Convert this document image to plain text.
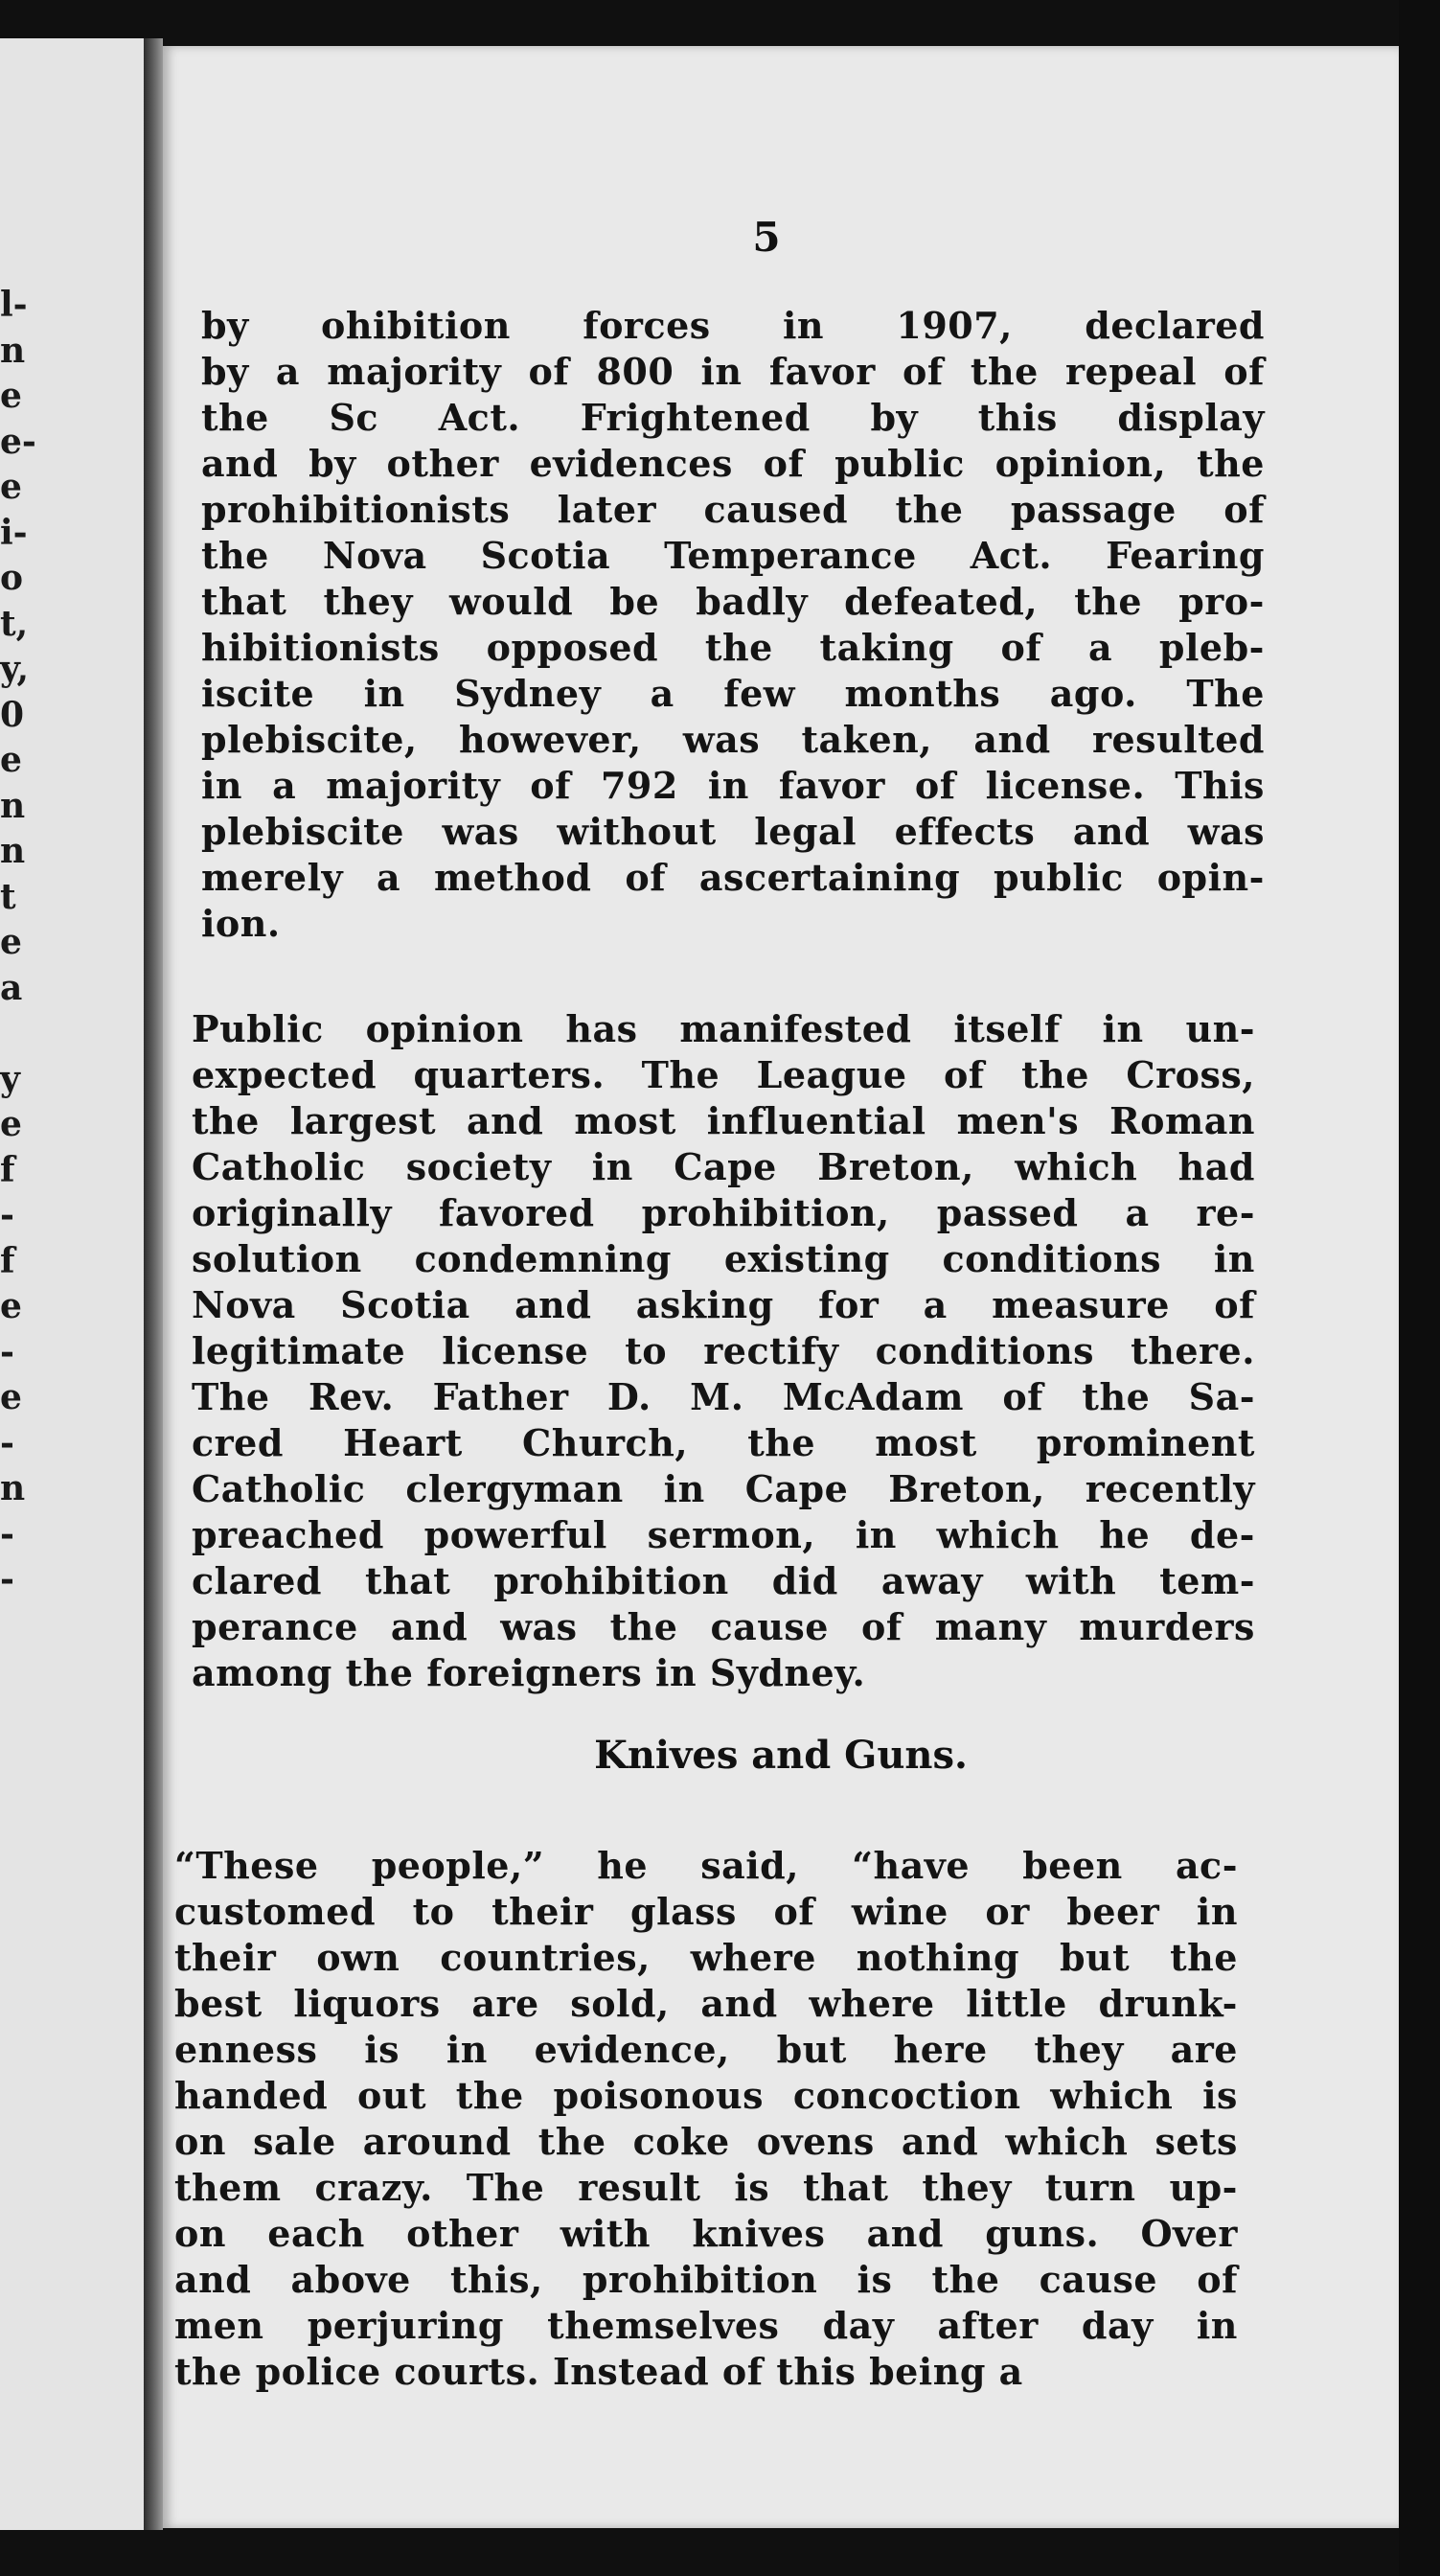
l-
n
e
e-
e
i-
o
t,
y,
0
e
n
n
t
e
a
y
e
f
-
f
e
-
e
-
n
-
-
5
by ohibition forces in 1907, declared
by a majority of 800 in favor of the repeal of
the Sc Act. Frightened by this display
and by other evidences of public opinion, the
prohibitionists later caused the passage of
the Nova Scotia Temperance Act. Fearing
that they would be badly defeated, the pro-
hibitionists opposed the taking of a pleb-
iscite in Sydney a few months ago. The
plebiscite, however, was taken, and resulted
in a majority of 792 in favor of license. This
plebiscite was without legal effects and was
merely a method of ascertaining public opin-
ion.
Public opinion has manifested itself in un-
expected quarters. The League of the Cross,
the largest and most influential men's Roman
Catholic society in Cape Breton, which had
originally favored prohibition, passed a re-
solution condemning existing conditions in
Nova Scotia and asking for a measure of
legitimate license to rectify conditions there.
The Rev. Father D. M. McAdam of the Sa-
cred Heart Church, the most prominent
Catholic clergyman in Cape Breton, recently
preached powerful sermon, in which he de-
clared that prohibition did away with tem-
perance and was the cause of many murders
among the foreigners in Sydney.
Knives and Guns.
“These people,” he said, “have been ac-
customed to their glass of wine or beer in
their own countries, where nothing but the
best liquors are sold, and where little drunk-
enness is in evidence, but here they are
handed out the poisonous concoction which is
on sale around the coke ovens and which sets
them crazy. The result is that they turn up-
on each other with knives and guns. Over
and above this, prohibition is the cause of
men perjuring themselves day after day in
the police courts. Instead of this being a
